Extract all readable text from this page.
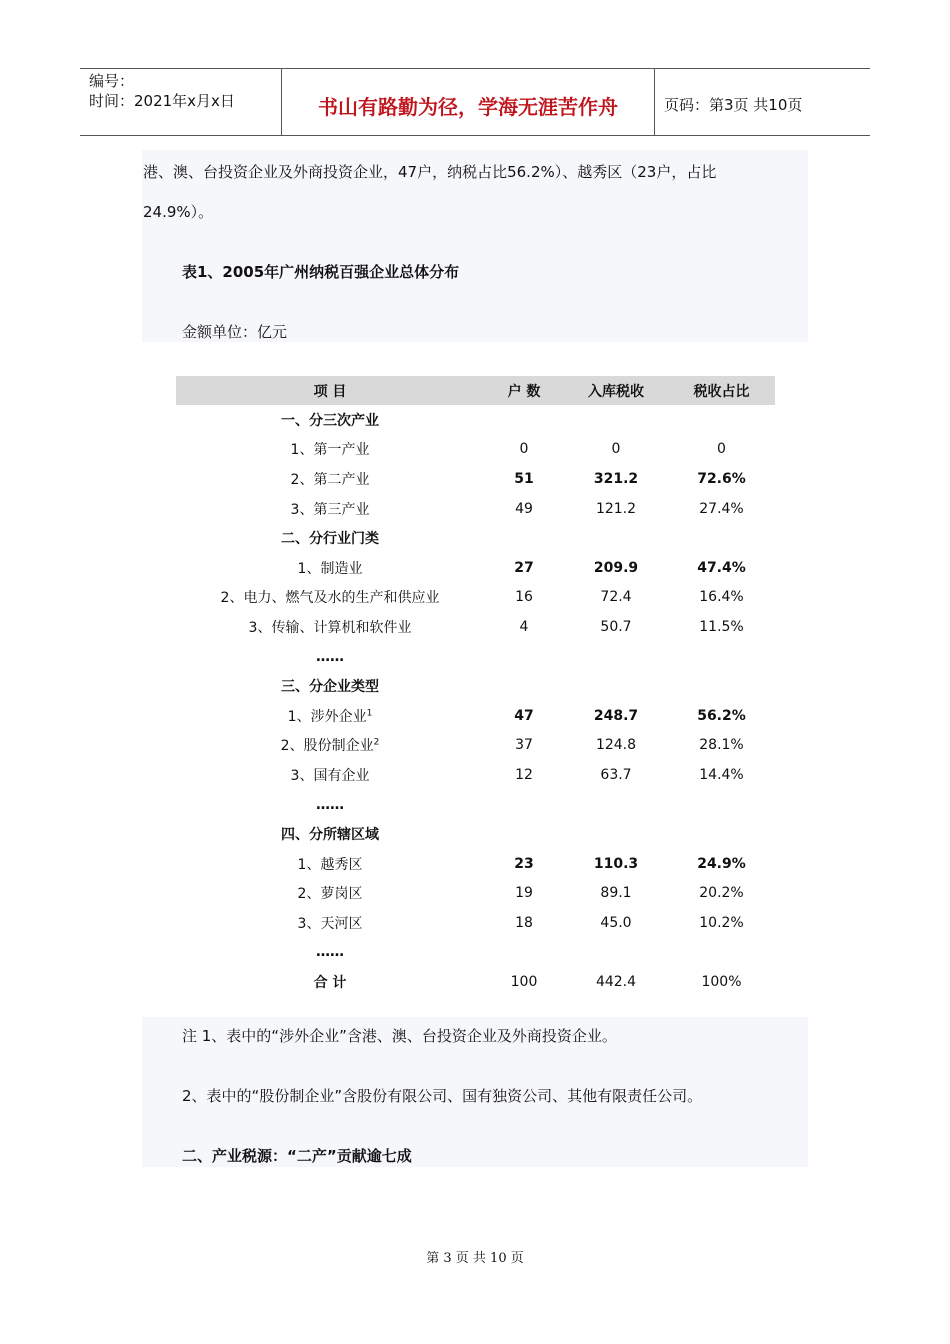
编号：
时间：2021年x月x日	书山有路勤为径，学海无涯苦作舟	页码：第3页 共10页
港、澳、台投资企业及外商投资企业，47户，纳税占比56.2%）、越秀区（23户，占比
24.9%）。
表1、2005年广州纳税百强企业总体分布
金额单位：亿元
项 目	户 数	入库税收	税收占比
一、分三次产业			
1、第一产业	0	0	0
2、第二产业	51	321.2	72.6%
3、第三产业	49	121.2	27.4%
二、分行业门类			
1、制造业	27	209.9	47.4%
2、电力、燃气及水的生产和供应业	16	72.4	16.4%
3、传输、计算机和软件业	4	50.7	11.5%
……			
三、分企业类型			
1、涉外企业$^1$	47	248.7	56.2%
2、股份制企业$^2$	37	124.8	28.1%
3、国有企业	12	63.7	14.4%
……			
四、分所辖区域			
1、越秀区	23	110.3	24.9%
2、萝岗区	19	89.1	20.2%
3、天河区	18	45.0	10.2%
……			
合 计	100	442.4	100%
注 1、表中的“涉外企业”含港、澳、台投资企业及外商投资企业。
2、表中的“股份制企业”含股份有限公司、国有独资公司、其他有限责任公司。
二、产业税源：“二产”贡献逾七成
第 3 页 共 10 页
